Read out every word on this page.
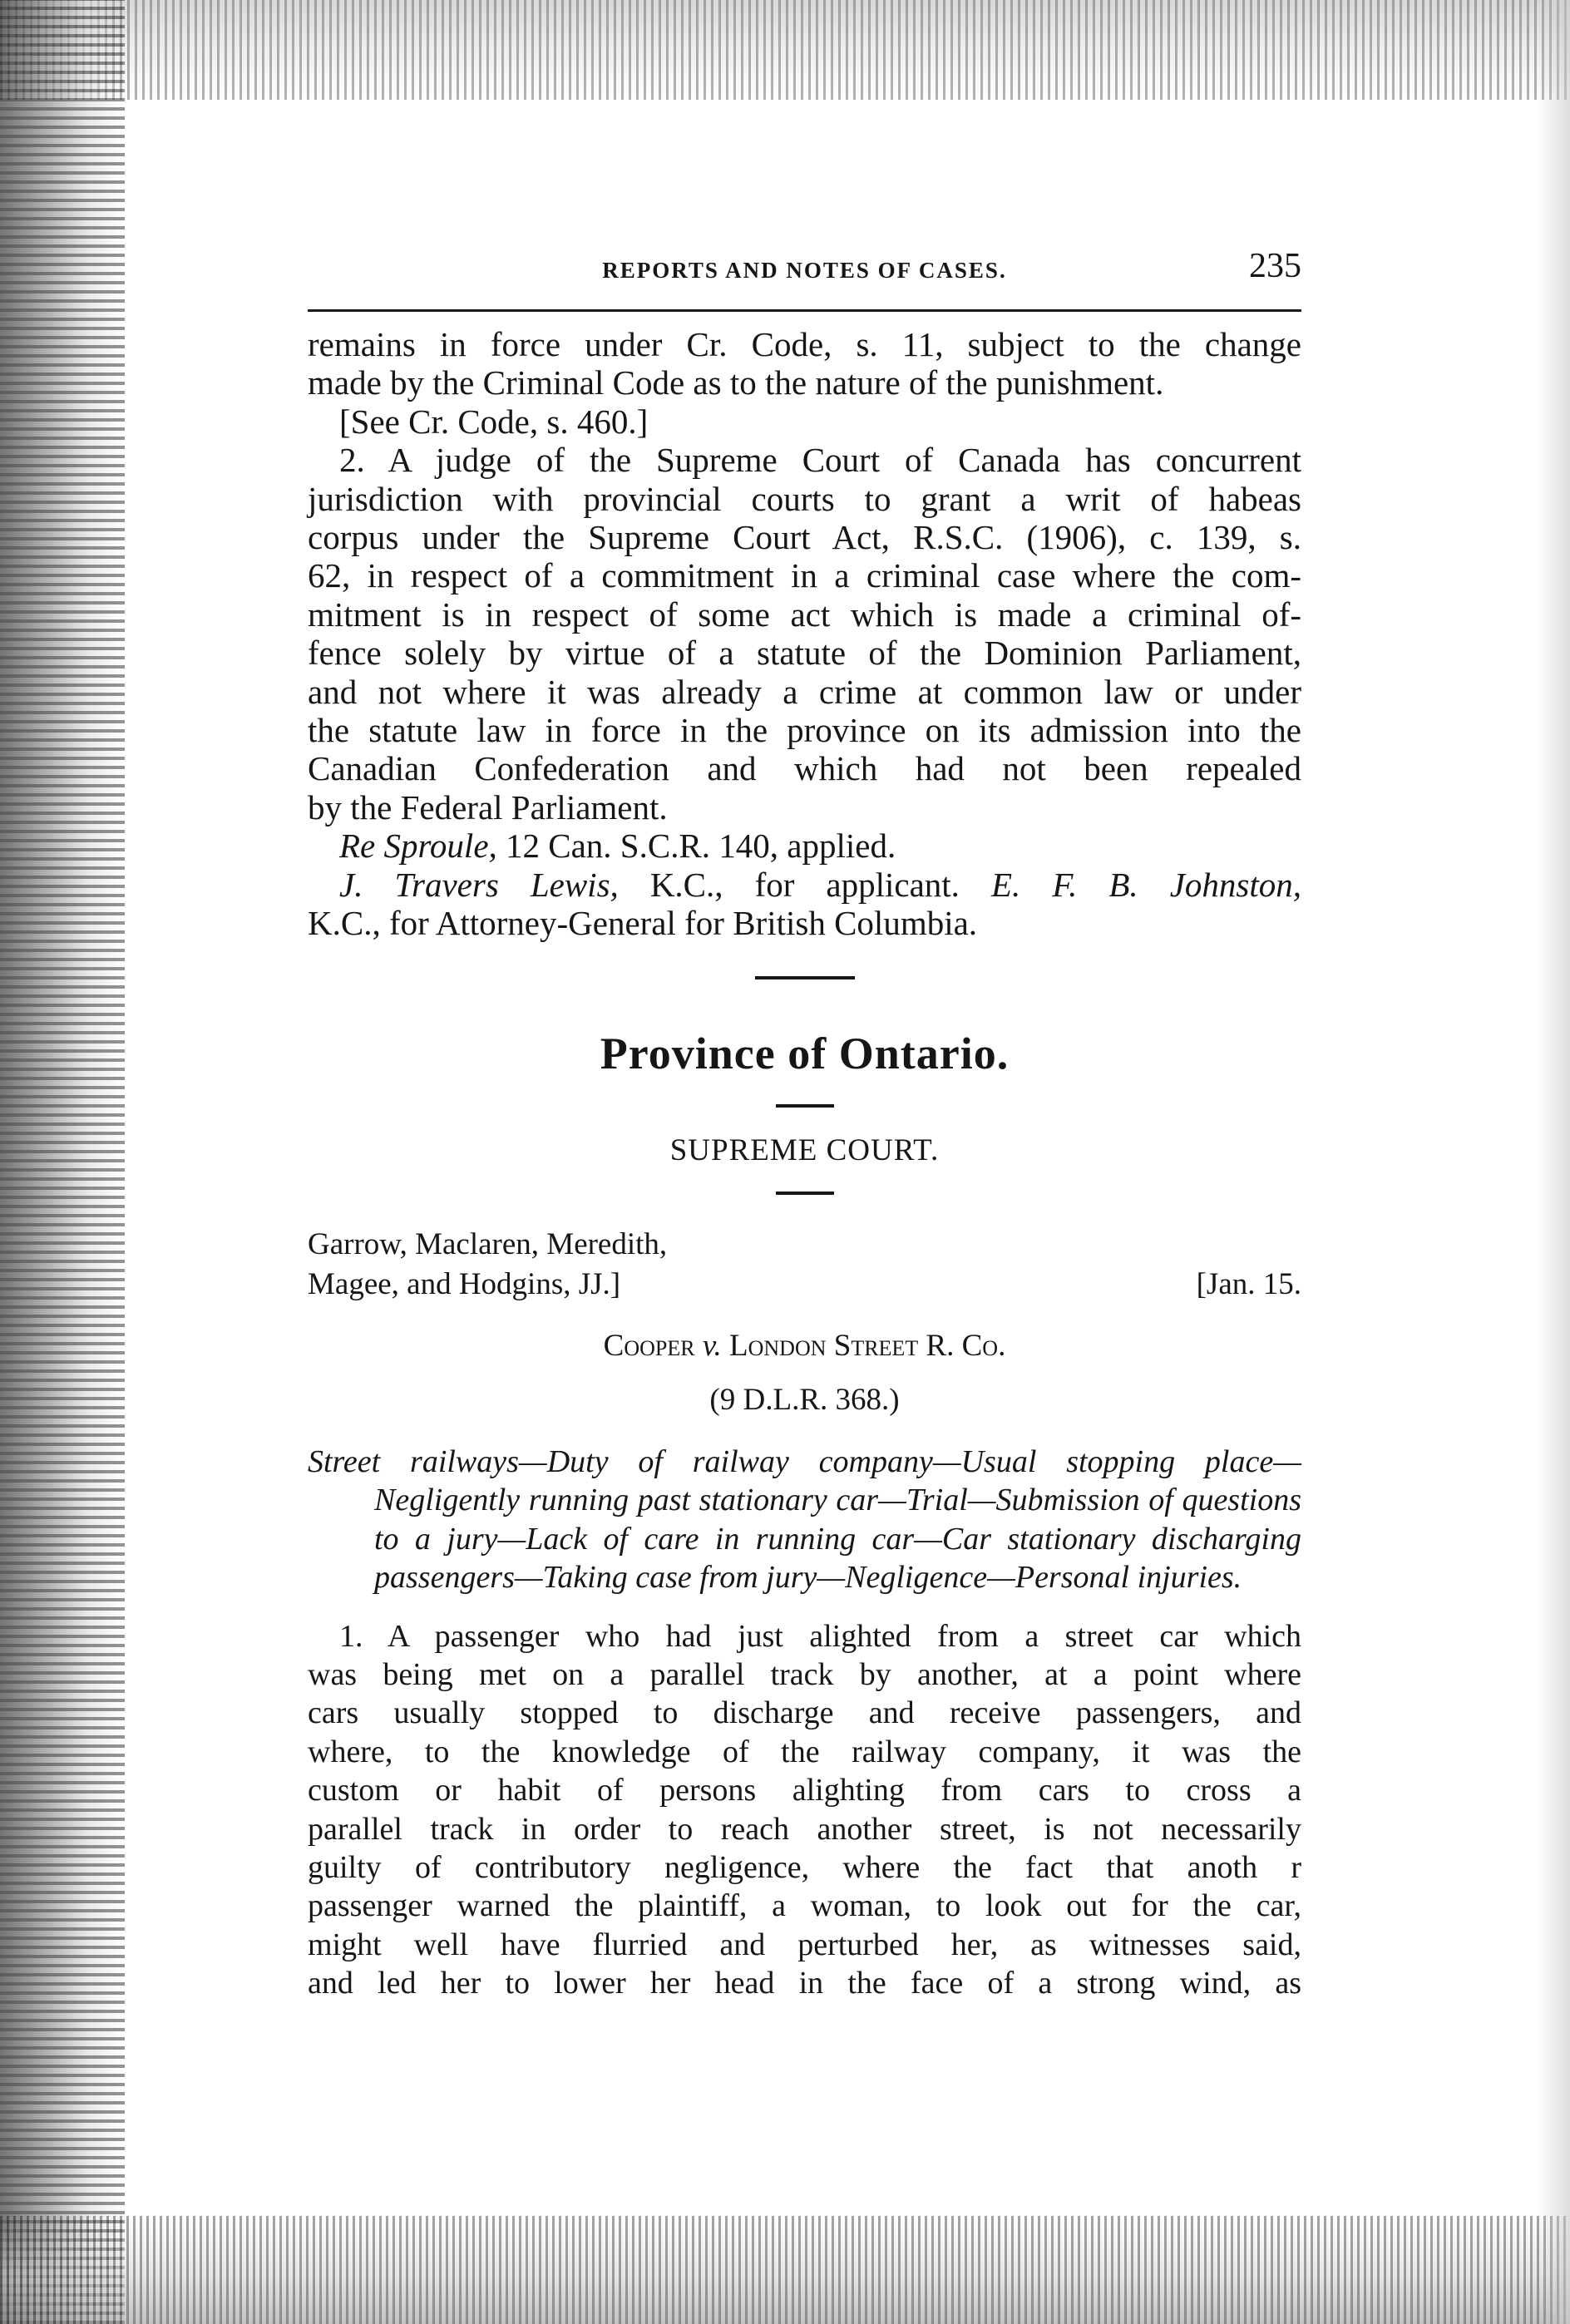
REPORTS AND NOTES OF CASES.	235

remains in force under Cr. Code, s. 11, subject to the change

made by the Criminal Code as to the nature of the punishment.

[See Cr. Code, s. 460.]

2. A judge of the Supreme Court of Canada has concurrent

jurisdiction with provincial courts to grant a writ of habeas

corpus under the Supreme Court Act, R.S.C. (1906), c. 139, s.

62, in respect of a commitment in a criminal case where the com-

mitment is in respect of some act which is made a criminal of-

fence solely by virtue of a statute of the Dominion Parliament,

and not where it was already a crime at common law or under

the statute law in force in the province on its admission into the

Canadian Confederation and which had not been repealed

by the Federal Parliament.

Re Sproule, 12 Can. S.C.R. 140, applied.

J. Travers Lewis, K.C., for applicant. E. F. B. Johnston,

K.C., for Attorney-General for British Columbia.

Province of Ontario.
SUPREME COURT.
Garrow, Maclaren, Meredith,
Magee, and Hodgins, JJ.]	[Jan. 15.
Cooper v. London Street R. Co.
(9 D.L.R. 368.)

Street railways—Duty of railway company—Usual stopping place—Negligently running past stationary car—Trial—Submission of questions to a jury—Lack of care in running car—Car stationary discharging passengers—Taking case from jury—Negligence—Personal injuries.

1. A passenger who had just alighted from a street car which

was being met on a parallel track by another, at a point where

cars usually stopped to discharge and receive passengers, and

where, to the knowledge of the railway company, it was the

custom or habit of persons alighting from cars to cross a

parallel track in order to reach another street, is not necessarily

guilty of contributory negligence, where the fact that anoth r

passenger warned the plaintiff, a woman, to look out for the car,

might well have flurried and perturbed her, as witnesses said,

and led her to lower her head in the face of a strong wind, as
